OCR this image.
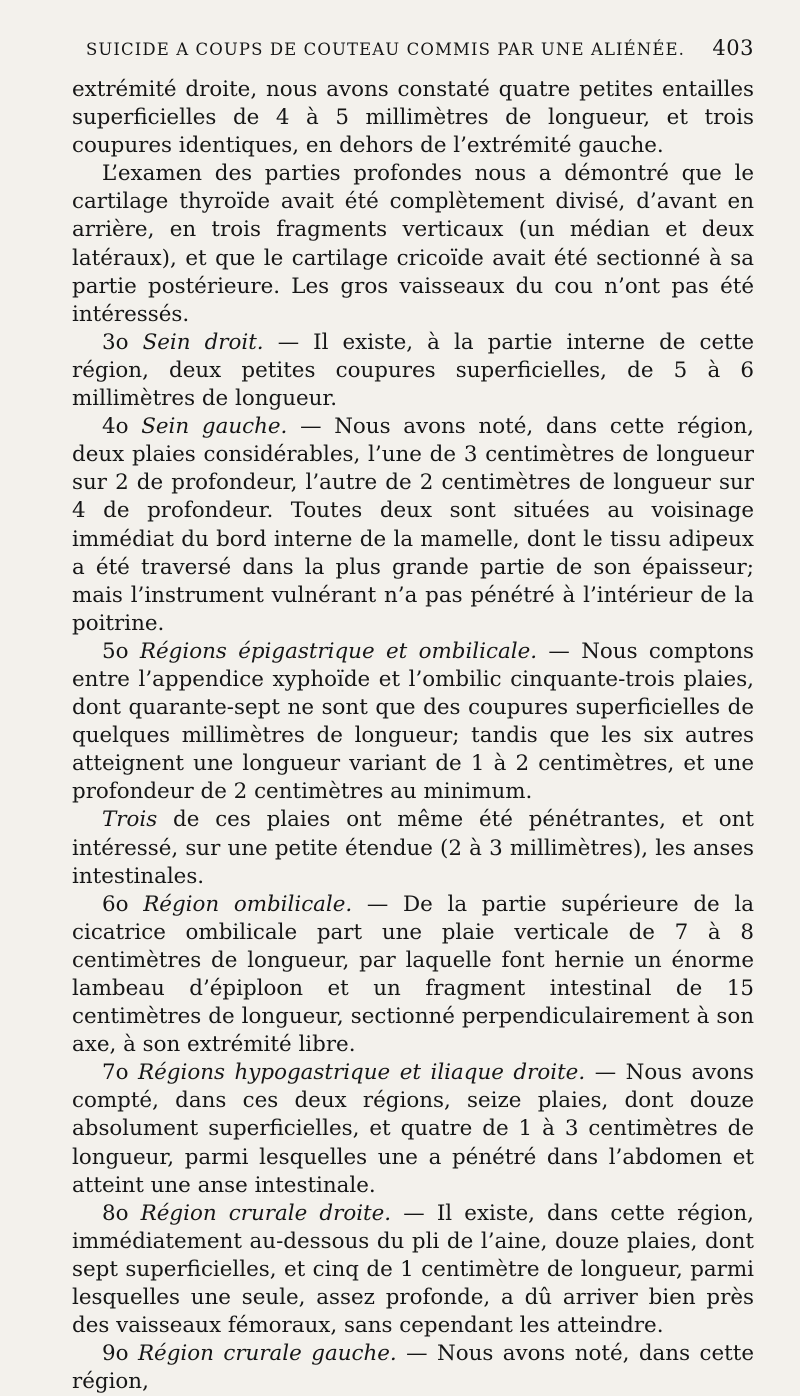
SUICIDE A COUPS DE COUTEAU COMMIS PAR UNE ALIÉNÉE. 403

extrémité droite, nous avons constaté quatre petites entailles superficielles de 4 à 5 millimètres de longueur, et trois coupures identiques, en dehors de l’extrémité gauche.

L’examen des parties profondes nous a démontré que le cartilage thyroïde avait été complètement divisé, d’avant en arrière, en trois fragments verticaux (un médian et deux latéraux), et que le cartilage cricoïde avait été sectionné à sa partie postérieure. Les gros vaisseaux du cou n’ont pas été intéressés.

3o Sein droit. — Il existe, à la partie interne de cette région, deux petites coupures superficielles, de 5 à 6 millimètres de longueur.

4o Sein gauche. — Nous avons noté, dans cette région, deux plaies considérables, l’une de 3 centimètres de longueur sur 2 de profondeur, l’autre de 2 centimètres de longueur sur 4 de profondeur. Toutes deux sont situées au voisinage immédiat du bord interne de la mamelle, dont le tissu adipeux a été traversé dans la plus grande partie de son épaisseur; mais l’instrument vulnérant n’a pas pénétré à l’intérieur de la poitrine.

5o Régions épigastrique et ombilicale. — Nous comptons entre l’appendice xyphoïde et l’ombilic cinquante-trois plaies, dont quarante-sept ne sont que des coupures superficielles de quelques millimètres de longueur; tandis que les six autres atteignent une longueur variant de 1 à 2 centimètres, et une profondeur de 2 centimètres au minimum.

Trois de ces plaies ont même été pénétrantes, et ont intéressé, sur une petite étendue (2 à 3 millimètres), les anses intestinales.

6o Région ombilicale. — De la partie supérieure de la cicatrice ombilicale part une plaie verticale de 7 à 8 centimètres de longueur, par laquelle font hernie un énorme lambeau d’épiploon et un fragment intestinal de 15 centimètres de longueur, sectionné perpendiculairement à son axe, à son extrémité libre.

7o Régions hypogastrique et iliaque droite. — Nous avons compté, dans ces deux régions, seize plaies, dont douze absolument superficielles, et quatre de 1 à 3 centimètres de longueur, parmi lesquelles une a pénétré dans l’abdomen et atteint une anse intestinale.

8o Région crurale droite. — Il existe, dans cette région, immédiatement au-dessous du pli de l’aine, douze plaies, dont sept superficielles, et cinq de 1 centimètre de longueur, parmi lesquelles une seule, assez profonde, a dû arriver bien près des vaisseaux fémoraux, sans cependant les atteindre.

9o Région crurale gauche. — Nous avons noté, dans cette région,
